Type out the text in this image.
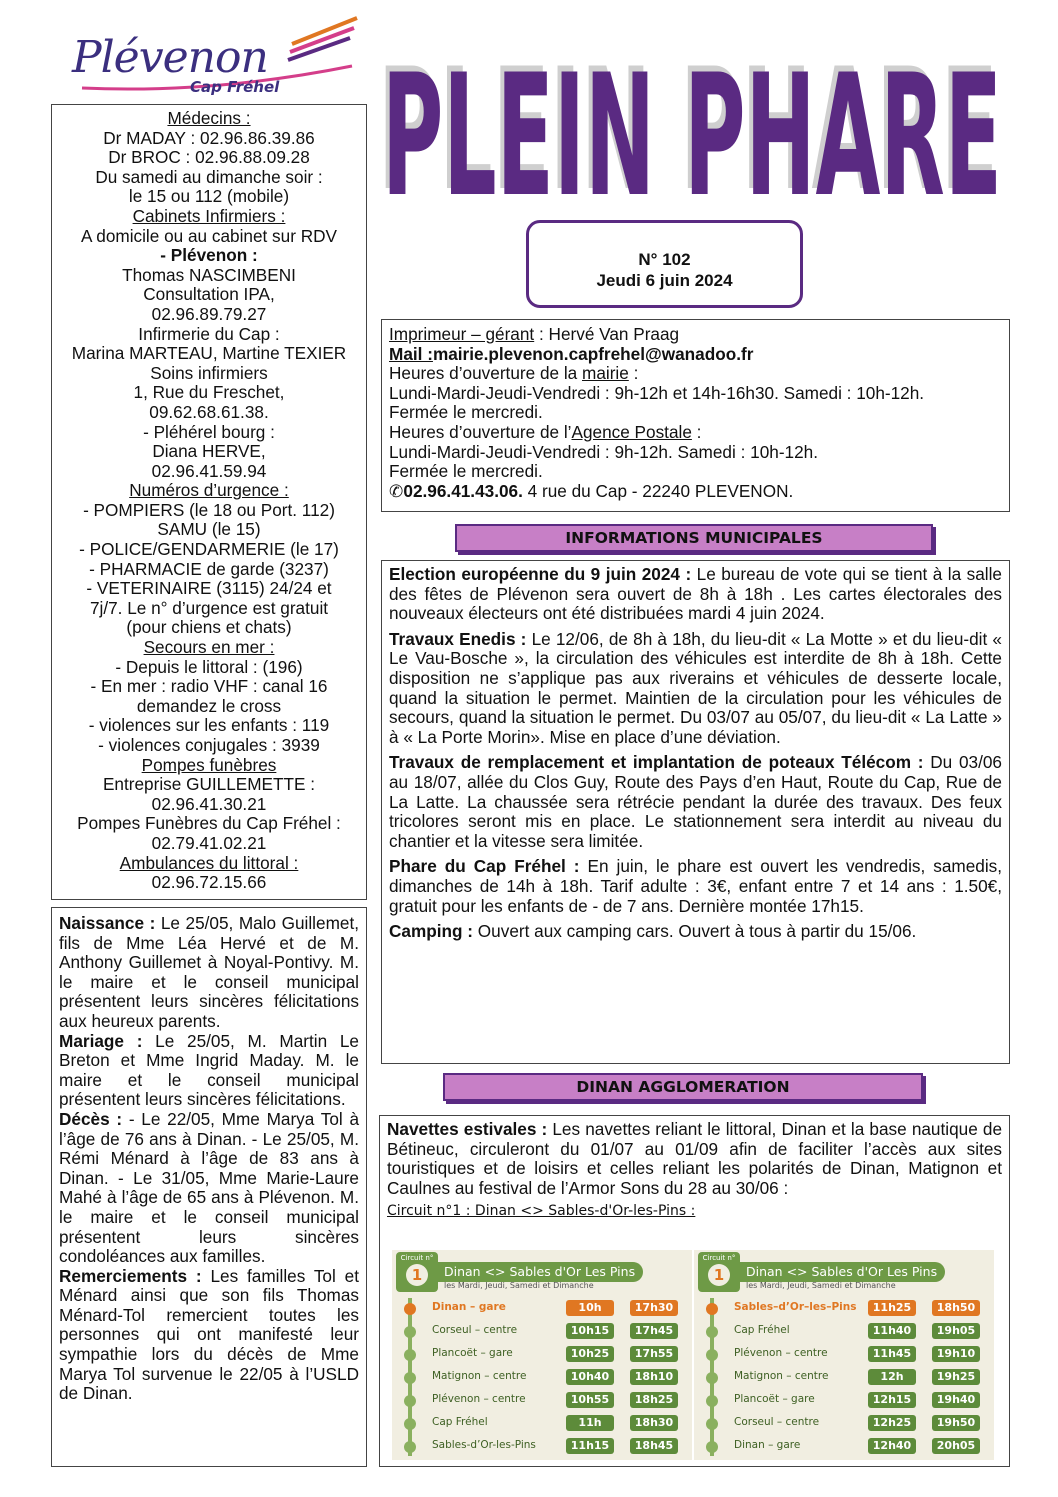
Plévenon
Cap Fréhel PLEIN PHARE
PLEIN PHARE
N° 102
Jeudi 6 juin 2024
Médecins :
Dr MADAY : 02.96.86.39.86
Dr BROC : 02.96.88.09.28
Du samedi au dimanche soir :
le 15 ou 112 (mobile)
Cabinets Infirmiers :
A domicile ou au cabinet sur RDV
- Plévenon :
Thomas NASCIMBENI
Consultation IPA,
02.96.89.79.27
Infirmerie du Cap :
Marina MARTEAU, Martine TEXIER
Soins infirmiers
1, Rue du Freschet,
09.62.68.61.38.
- Pléhérel bourg :
Diana HERVE,
02.96.41.59.94
Numéros d’urgence :
- POMPIERS (le 18 ou Port. 112)
SAMU (le 15)
- POLICE/GENDARMERIE (le 17)
- PHARMACIE de garde (3237)
- VETERINAIRE (3115) 24/24 et
7j/7. Le n° d’urgence est gratuit
(pour chiens et chats)
Secours en mer :
- Depuis le littoral : (196)
- En mer : radio VHF : canal 16
demandez le cross
- violences sur les enfants : 119
- violences conjugales : 3939
Pompes funèbres
Entreprise GUILLEMETTE :
02.96.41.30.21
Pompes Funèbres du Cap Fréhel :
02.79.41.02.21
Ambulances du littoral :
02.96.72.15.66

Naissance : Le 25/05, Malo Guillemet, fils de Mme Léa Hervé et de M. Anthony Guillemet à Noyal-Pontivy. M. le maire et le conseil municipal présentent leurs sincères félicitations aux heureux parents.

Mariage : Le 25/05, M. Martin Le Breton et Mme Ingrid Maday. M. le maire et le conseil municipal présentent leurs sincères félicitations.

Décès : - Le 22/05, Mme Marya Tol à l’âge de 76 ans à Dinan. - Le 25/05, M. Rémi Ménard à l’âge de 83 ans à Dinan. - Le 31/05, Mme Marie-Laure Mahé à l’âge de 65 ans à Plévenon. M. le maire et le conseil municipal présentent leurs sincères condoléances aux familles.

Remerciements : Les familles Tol et Ménard ainsi que son fils Thomas Ménard-Tol remercient toutes les personnes qui ont manifesté leur sympathie lors du décès de Mme Marya Tol survenue le 22/05 à l’USLD de Dinan.

Imprimeur – gérant : Hervé Van Praag
Mail :mairie.plevenon.capfrehel@wanadoo.fr
Heures d’ouverture de la mairie :
Lundi-Mardi-Jeudi-Vendredi : 9h-12h et 14h-16h30. Samedi : 10h-12h.
Fermée le mercredi.
Heures d’ouverture de l’Agence Postale :
Lundi-Mardi-Jeudi-Vendredi : 9h-12h. Samedi : 10h-12h.
Fermée le mercredi.
✆02.96.41.43.06. 4 rue du Cap - 22240 PLEVENON.
INFORMATIONS MUNICIPALES

Election européenne du 9 juin 2024 : Le bureau de vote qui se tient à la salle des fêtes de Plévenon sera ouvert de 8h à 18h . Les cartes électorales des nouveaux électeurs ont été distribuées mardi 4 juin 2024.

Travaux Enedis : Le 12/06, de 8h à 18h, du lieu-dit « La Motte » et du lieu-dit « Le Vau-Bosche », la circulation des véhicules est interdite de 8h à 18h. Cette disposition ne s’applique pas aux riverains et véhicules de desserte locale, quand la situation le permet. Maintien de la circulation pour les véhicules de secours, quand la situation le permet. Du 03/07 au 05/07, du lieu-dit « La Latte » à « La Porte Morin». Mise en place d’une déviation.

Travaux de remplacement et implantation de poteaux Télécom : Du 03/06 au 18/07, allée du Clos Guy, Route des Pays d’en Haut, Route du Cap, Rue de La Latte. La chaussée sera rétrécie pendant la durée des travaux. Des feux tricolores seront mis en place. Le stationnement sera interdit au niveau du chantier et la vitesse sera limitée.

Phare du Cap Fréhel : En juin, le phare est ouvert les vendredis, samedis, dimanches de 14h à 18h. Tarif adulte : 3€, enfant entre 7 et 14 ans : 1.50€, gratuit pour les enfants de - de 7 ans. Dernière montée 17h15.

Camping : Ouvert aux camping cars. Ouvert à tous à partir du 15/06.

DINAN AGGLOMERATION
Navettes estivales : Les navettes reliant le littoral, Dinan et la base nautique de Bétineuc, circuleront du 01/07 au 01/09 afin de faciliter l’accès aux sites touristiques et de loisirs et celles reliant les polarités de Dinan, Matignon et Caulnes au festival de l’Armor Sons du 28 au 30/06 :
Circuit n°1 : Dinan <> Sables-d'Or-les-Pins :
Circuit n°
1	Dinan <> Sables d'Or Les Pins
les Mardi, Jeudi, Samedi et Dimanche
Dinan – gare	10h	17h30
Corseul – centre	10h15	17h45
Plancoët – gare	10h25	17h55
Matignon – centre	10h40	18h10
Plévenon – centre	10h55	18h25
Cap Fréhel	11h	18h30
Sables-d’Or-les-Pins	11h15	18h45
Circuit n°
1	Dinan <> Sables d'Or Les Pins
les Mardi, Jeudi, Samedi et Dimanche
Sables–d’Or–les–Pins	11h25	18h50
Cap Fréhel	11h40	19h05
Plévenon – centre	11h45	19h10
Matignon – centre	12h	19h25
Plancoët – gare	12h15	19h40
Corseul – centre	12h25	19h50
Dinan – gare	12h40	20h05
